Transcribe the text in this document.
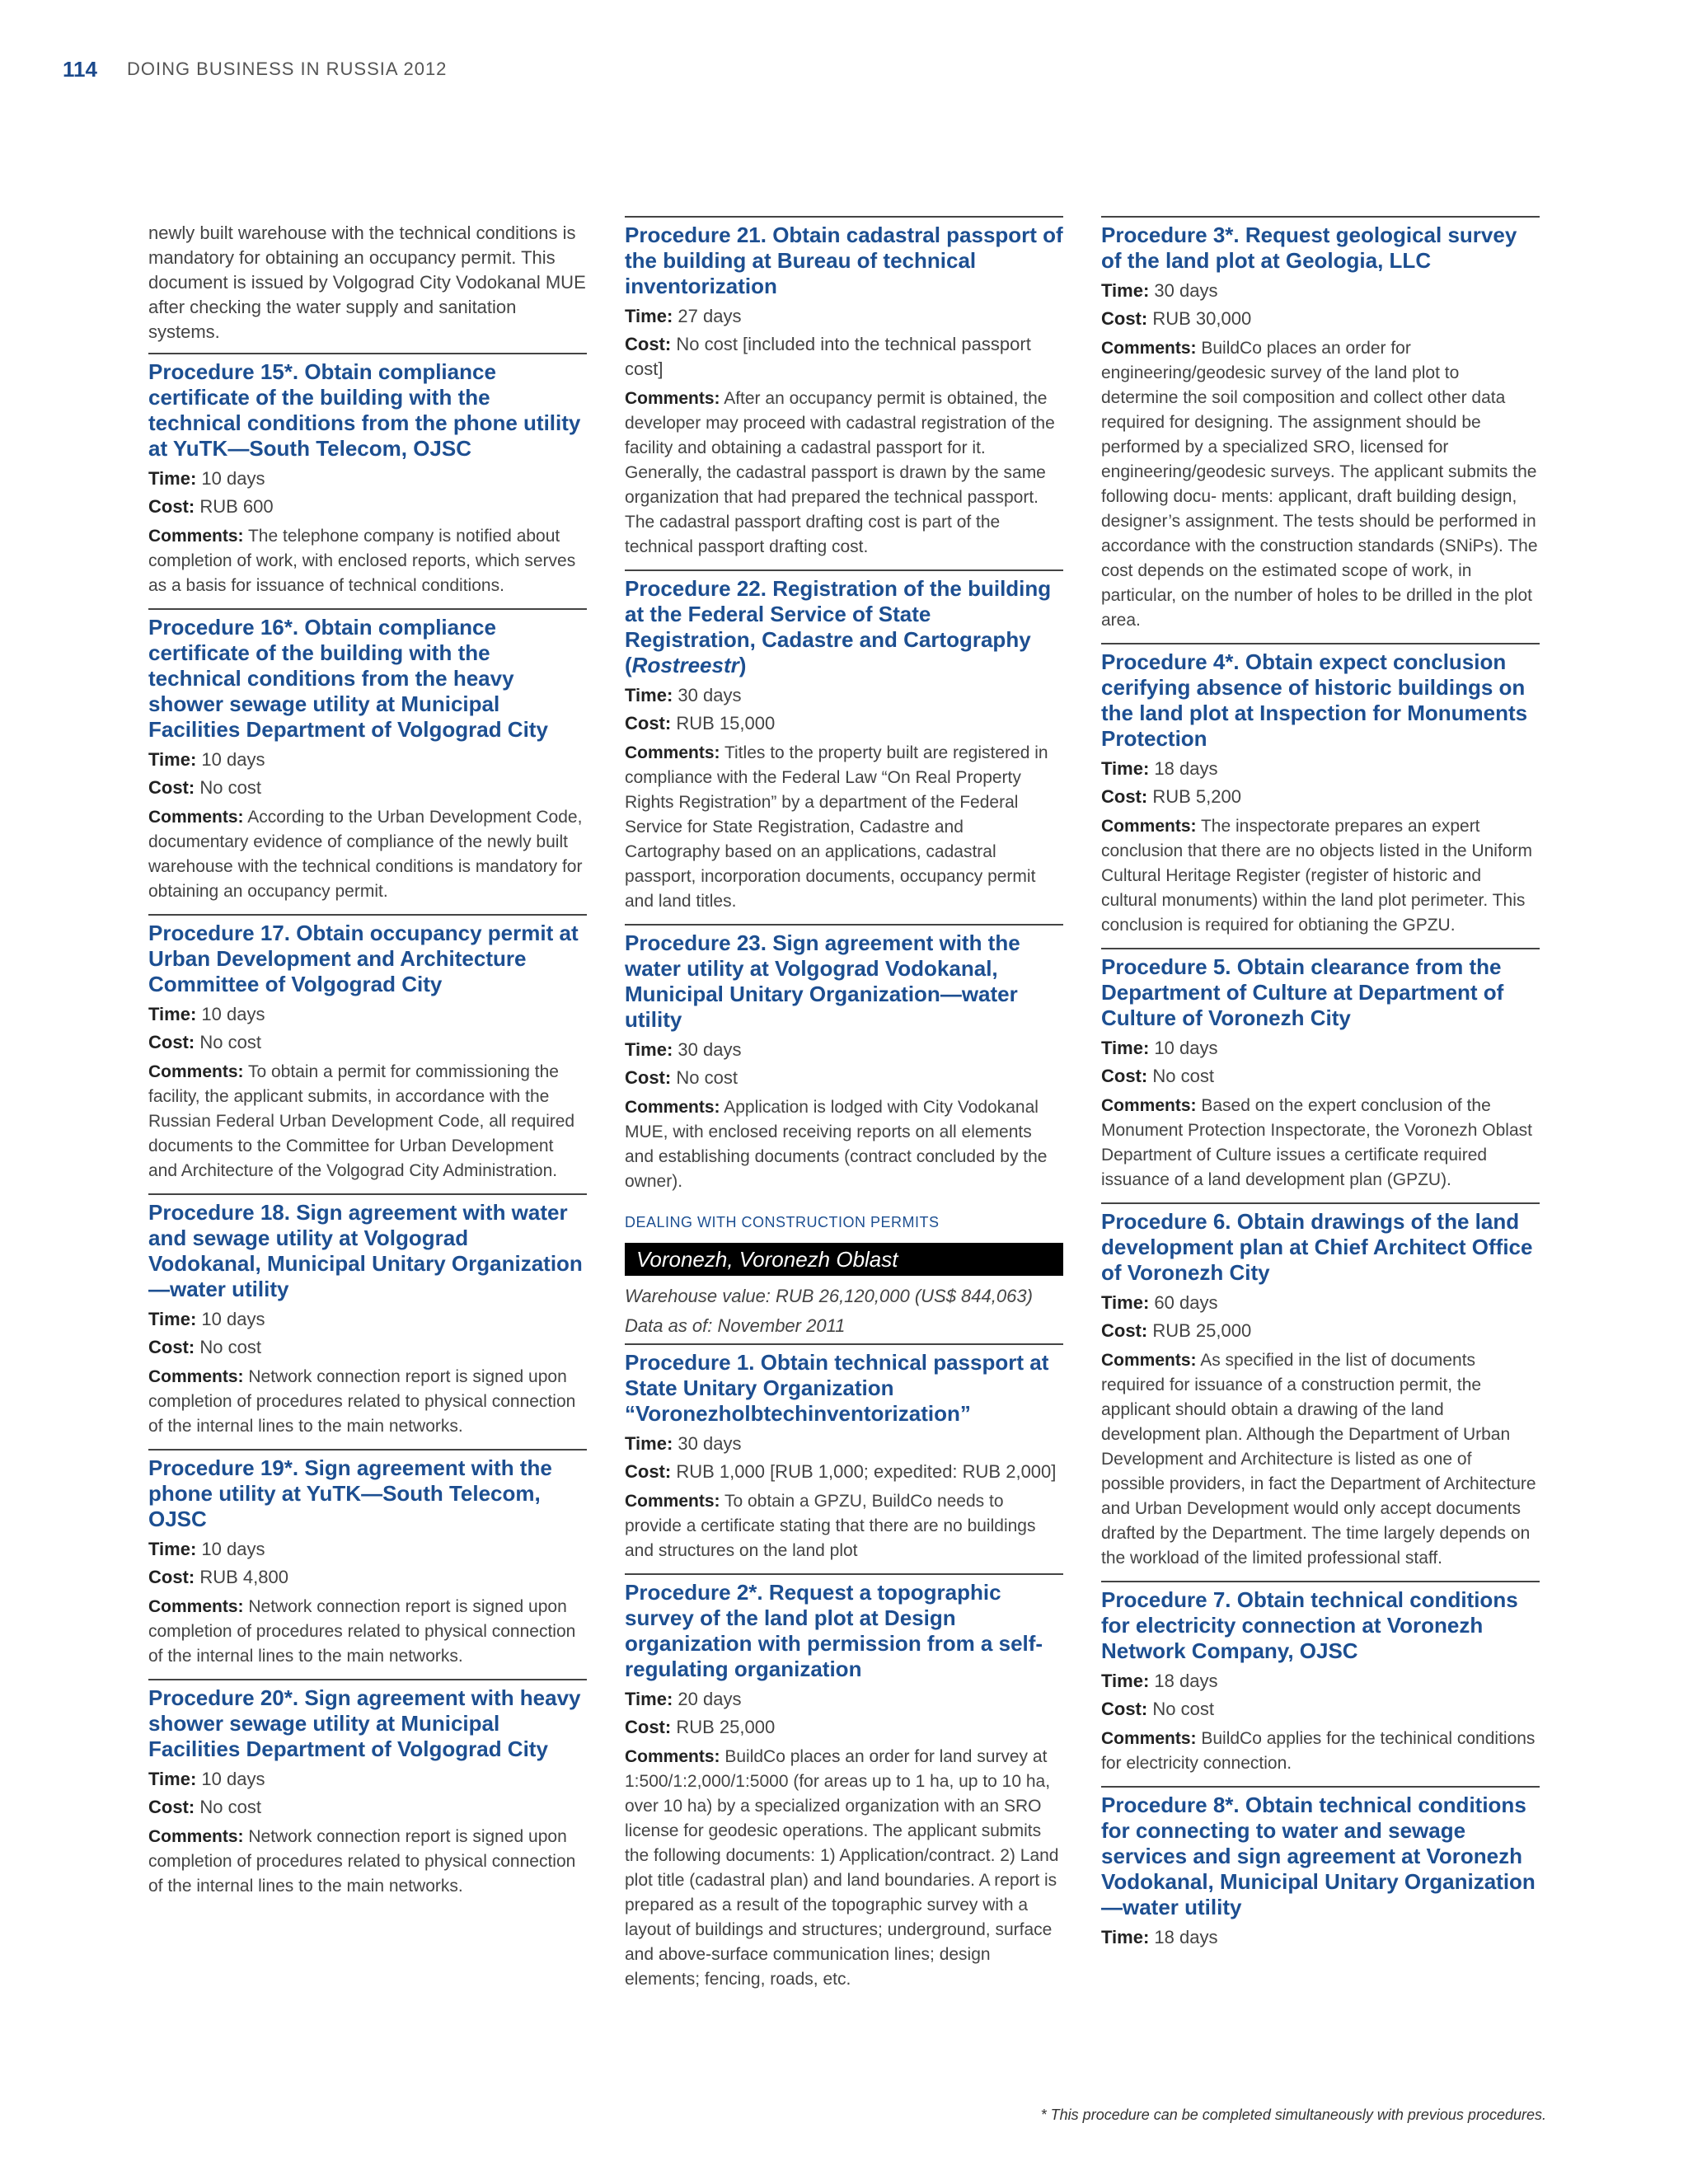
114 DOING BUSINESS IN RUSSIA 2012

newly built warehouse with the technical conditions is mandatory for obtaining an occupancy permit. This document is issued by Volgograd City Vodokanal MUE after checking the water supply and sanitation systems.

Procedure 15*. Obtain compliance certificate of the building with the technical conditions from the phone utility at YuTK—South Telecom, OJSC

Time: 10 days

Cost: RUB 600

Comments: The telephone company is notified about completion of work, with enclosed reports, which serves as a basis for issuance of technical conditions.

Procedure 16*. Obtain compliance certificate of the building with the technical conditions from the heavy shower sewage utility at Municipal Facilities Department of Volgograd City

Time: 10 days

Cost: No cost

Comments: According to the Urban Development Code, documentary evidence of compliance of the newly built warehouse with the technical conditions is mandatory for obtaining an occupancy permit.

Procedure 17. Obtain occupancy permit at Urban Development and Architecture Committee of Volgograd City

Time: 10 days

Cost: No cost

Comments: To obtain a permit for commissioning the facility, the applicant submits, in accordance with the Russian Federal Urban Development Code, all required documents to the Committee for Urban Development and Architecture of the Volgograd City Administration.

Procedure 18. Sign agreement with water and sewage utility at Volgograd Vodokanal, Municipal Unitary Organization—water utility

Time: 10 days

Cost: No cost

Comments: Network connection report is signed upon completion of procedures related to physical connection of the internal lines to the main networks.

Procedure 19*. Sign agreement with the phone utility at YuTK—South Telecom, OJSC

Time: 10 days

Cost: RUB 4,800

Comments: Network connection report is signed upon completion of procedures related to physical connection of the internal lines to the main networks.

Procedure 20*. Sign agreement with heavy shower sewage utility at Municipal Facilities Department of Volgograd City

Time: 10 days

Cost: No cost

Comments: Network connection report is signed upon completion of procedures related to physical connection of the internal lines to the main networks.

Procedure 21. Obtain cadastral passport of the building at Bureau of technical inventorization

Time: 27 days

Cost: No cost [included into the technical passport cost]

Comments: After an occupancy permit is obtained, the developer may proceed with cadastral registration of the facility and obtaining a cadastral passport for it. Generally, the cadastral passport is drawn by the same organization that had prepared the technical passport. The cadastral passport drafting cost is part of the technical passport drafting cost.

Procedure 22. Registration of the building at the Federal Service of State Registration, Cadastre and Cartography (Rostreestr)

Time: 30 days

Cost: RUB 15,000

Comments: Titles to the property built are registered in compliance with the Federal Law “On Real Property Rights Registration” by a department of the Federal Service for State Registration, Cadastre and Cartography based on an applications, cadastral passport, incorporation documents, occupancy permit and land titles.

Procedure 23. Sign agreement with the water utility at Volgograd Vodokanal, Municipal Unitary Organization—water utility

Time: 30 days

Cost: No cost

Comments: Application is lodged with City Vodokanal MUE, with enclosed receiving reports on all elements and establishing documents (contract concluded by the owner).

DEALING WITH CONSTRUCTION PERMITS

Voronezh, Voronezh Oblast

Warehouse value: RUB 26,120,000 (US$ 844,063)

Data as of: November 2011

Procedure 1. Obtain technical passport at State Unitary Organization “Voronezholbtechinventorization”

Time: 30 days

Cost: RUB 1,000 [RUB 1,000; expedited: RUB 2,000]

Comments: To obtain a GPZU, BuildCo needs to provide a certificate stating that there are no buildings and structures on the land plot

Procedure 2*. Request a topographic survey of the land plot at Design organization with permission from a self-regulating organization

Time: 20 days

Cost: RUB 25,000

Comments: BuildCo places an order for land survey at 1:500/1:2,000/1:5000 (for areas up to 1 ha, up to 10 ha, over 10 ha) by a specialized organization with an SRO license for geodesic operations. The applicant submits the following documents: 1) Application/contract. 2) Land plot title (cadastral plan) and land boundaries. A report is prepared as a result of the topographic survey with a layout of buildings and structures; underground, surface and above-surface communication lines; design elements; fencing, roads, etc.

Procedure 3*. Request geological survey of the land plot at Geologia, LLC

Time: 30 days

Cost: RUB 30,000

Comments: BuildCo places an order for engineering/geodesic survey of the land plot to determine the soil composition and collect other data required for designing. The assignment should be performed by a specialized SRO, licensed for engineering/geodesic surveys. The applicant submits the following docu- ments: applicant, draft building design, designer’s assignment. The tests should be performed in accordance with the construction standards (SNiPs). The cost depends on the estimated scope of work, in particular, on the number of holes to be drilled in the plot area.

Procedure 4*. Obtain expect conclusion cerifying absence of historic buildings on the land plot at Inspection for Monuments Protection

Time: 18 days

Cost: RUB 5,200

Comments: The inspectorate prepares an expert conclusion that there are no objects listed in the Uniform Cultural Heritage Register (register of historic and cultural monuments) within the land plot perimeter. This conclusion is required for obtianing the GPZU.

Procedure 5. Obtain clearance from the Department of Culture at Department of Culture of Voronezh City

Time: 10 days

Cost: No cost

Comments: Based on the expert conclusion of the Monument Protection Inspectorate, the Voronezh Oblast Department of Culture issues a certificate required issuance of a land development plan (GPZU).

Procedure 6. Obtain drawings of the land development plan at Chief Architect Office of Voronezh City

Time: 60 days

Cost: RUB 25,000

Comments: As specified in the list of documents required for issuance of a construction permit, the applicant should obtain a drawing of the land development plan. Although the Department of Urban Development and Architecture is listed as one of possible providers, in fact the Department of Architecture and Urban Development would only accept documents drafted by the Department. The time largely depends on the workload of the limited professional staff.

Procedure 7. Obtain technical conditions for electricity connection at Voronezh Network Company, OJSC

Time: 18 days

Cost: No cost

Comments: BuildCo applies for the techinical conditions for electricity connection.

Procedure 8*. Obtain technical conditions for connecting to water and sewage services and sign agreement at Voronezh Vodokanal, Municipal Unitary Organization—water utility

Time: 18 days

* This procedure can be completed simultaneously with previous procedures.
